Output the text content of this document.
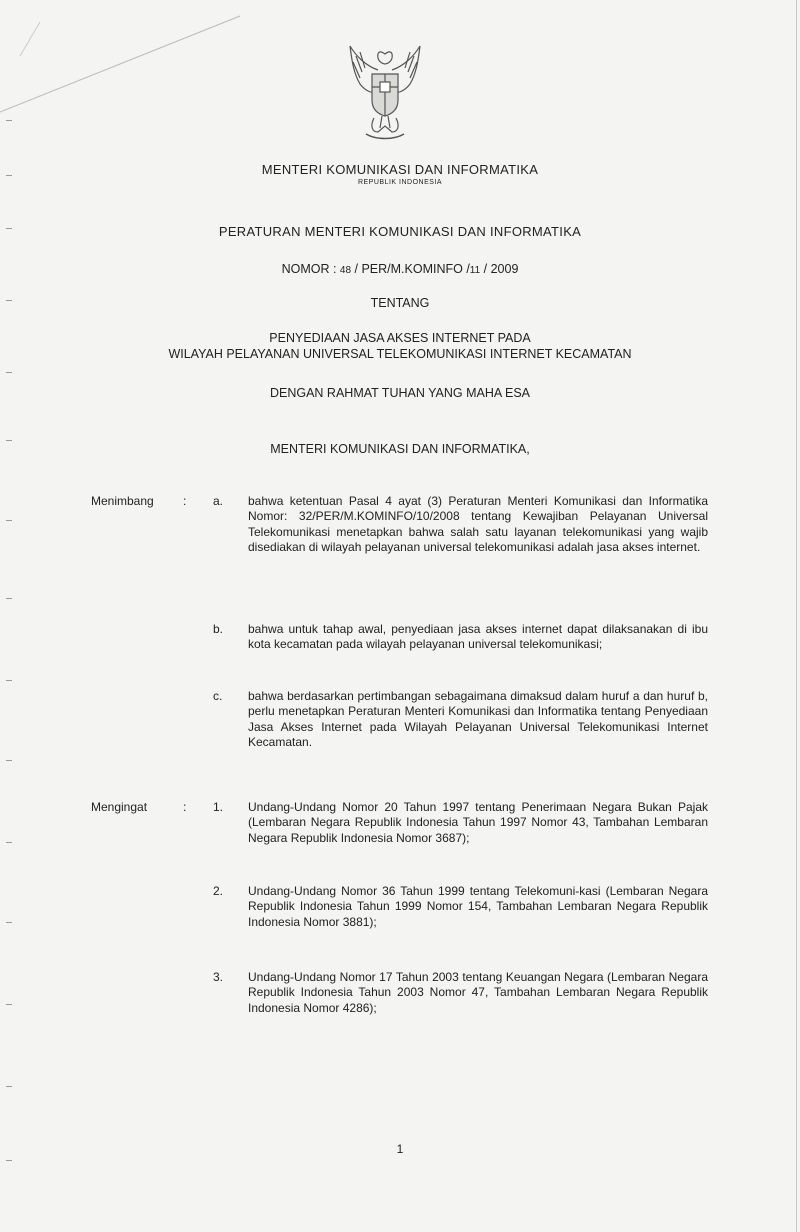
MENTERI KOMUNIKASI DAN INFORMATIKA
REPUBLIK INDONESIA
PERATURAN MENTERI KOMUNIKASI DAN INFORMATIKA
NOMOR : 48 / PER/M.KOMINFO /11 / 2009
TENTANG
PENYEDIAAN JASA AKSES INTERNET PADA
WILAYAH PELAYANAN UNIVERSAL TELEKOMUNIKASI INTERNET KECAMATAN
DENGAN RAHMAT TUHAN YANG MAHA ESA
MENTERI KOMUNIKASI DAN INFORMATIKA,
Menimbang : a. bahwa ketentuan Pasal 4 ayat (3) Peraturan Menteri Komunikasi dan Informatika Nomor: 32/PER/M.KOMINFO/10/2008 tentang Kewajiban Pelayanan Universal Telekomunikasi menetapkan bahwa salah satu layanan telekomunikasi yang wajib disediakan di wilayah pelayanan universal telekomunikasi adalah jasa akses internet.
b. bahwa untuk tahap awal, penyediaan jasa akses internet dapat dilaksanakan di ibu kota kecamatan pada wilayah pelayanan universal telekomunikasi;
c. bahwa berdasarkan pertimbangan sebagaimana dimaksud dalam huruf a dan huruf b, perlu menetapkan Peraturan Menteri Komunikasi dan Informatika tentang Penyediaan Jasa Akses Internet pada Wilayah Pelayanan Universal Telekomunikasi Internet Kecamatan.
Mengingat	: 1. Undang-Undang Nomor 20 Tahun 1997 tentang Penerimaan Negara Bukan Pajak (Lembaran Negara Republik Indonesia Tahun 1997 Nomor 43, Tambahan Lembaran Negara Republik Indonesia Nomor 3687);
2. Undang-Undang Nomor 36 Tahun 1999 tentang Telekomuni-kasi (Lembaran Negara Republik Indonesia Tahun 1999 Nomor 154, Tambahan Lembaran Negara Republik Indonesia Nomor 3881);
3. Undang-Undang Nomor 17 Tahun 2003 tentang Keuangan Negara (Lembaran Negara Republik Indonesia Tahun 2003 Nomor 47, Tambahan Lembaran Negara Republik Indonesia Nomor 4286);
1
